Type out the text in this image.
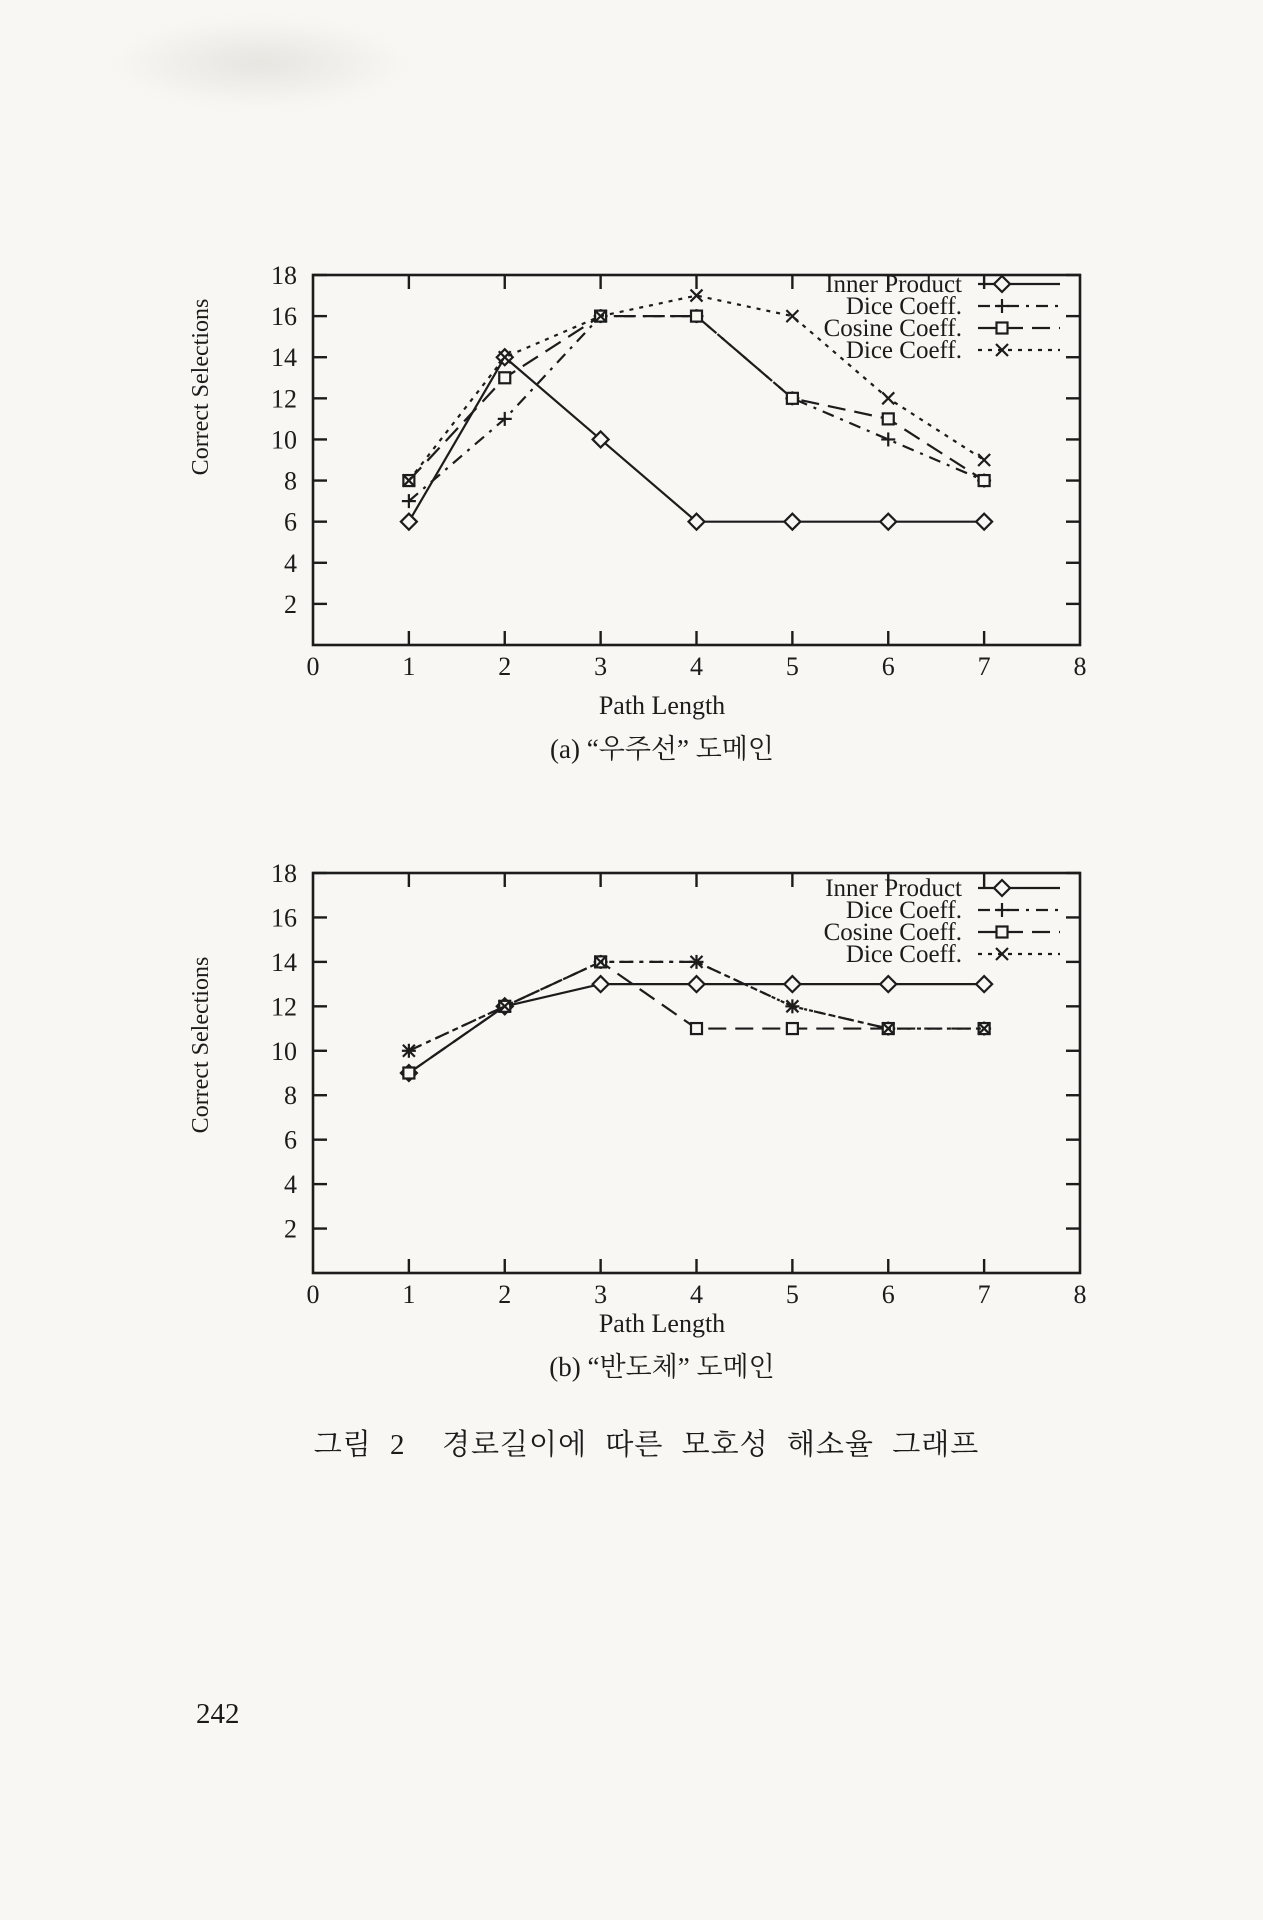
0	1	2	3	4	5	6	7	8
2
4
6
8
10
12
14
16
18
Path Length
Correct Selections
(a) “우주선” 도메인
Inner Product
Dice Coeff.
Cosine Coeff.
Dice Coeff.
0	1	2	3	4	5	6	7	8
2
4
6
8
10
12
14
16
18
Path Length
Correct Selections
(b) “반도체” 도메인
Inner Product
Dice Coeff.
Cosine Coeff.
Dice Coeff.
그림 2  경로길이에 따른 모호성 해소율 그래프
242
